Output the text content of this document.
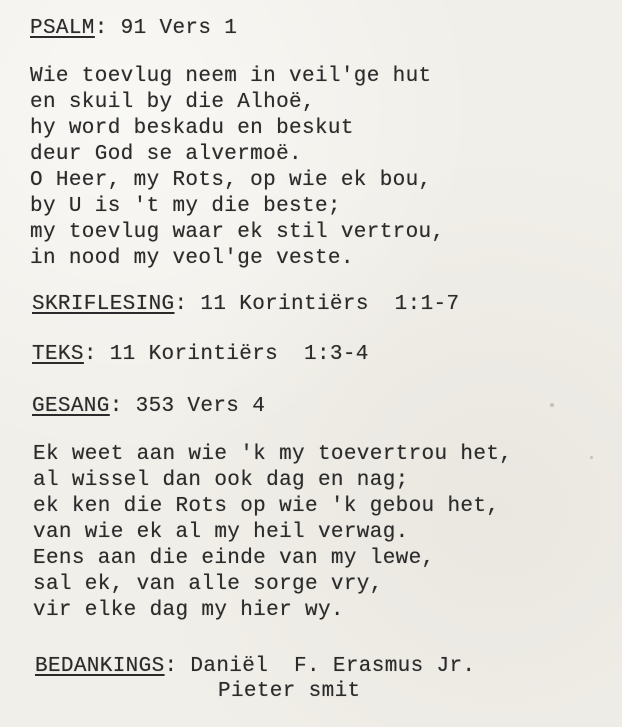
PSALM: 91 Vers 1
Wie toevlug neem in veil'ge hut
en skuil by die Alhoë,
hy word beskadu en beskut
deur God se alvermoë.
O Heer, my Rots, op wie ek bou,
by U is 't my die beste;
my toevlug waar ek stil vertrou,
in nood my veol'ge veste.
SKRIFLESING: 11 Korintiërs  1:1-7
TEKS: 11 Korintiërs  1:3-4
GESANG: 353 Vers 4
Ek weet aan wie 'k my toevertrou het,
al wissel dan ook dag en nag;
ek ken die Rots op wie 'k gebou het,
van wie ek al my heil verwag.
Eens aan die einde van my lewe,
sal ek, van alle sorge vry,
vir elke dag my hier wy.
BEDANKINGS: Daniël  F. Erasmus Jr.
Pieter smit
